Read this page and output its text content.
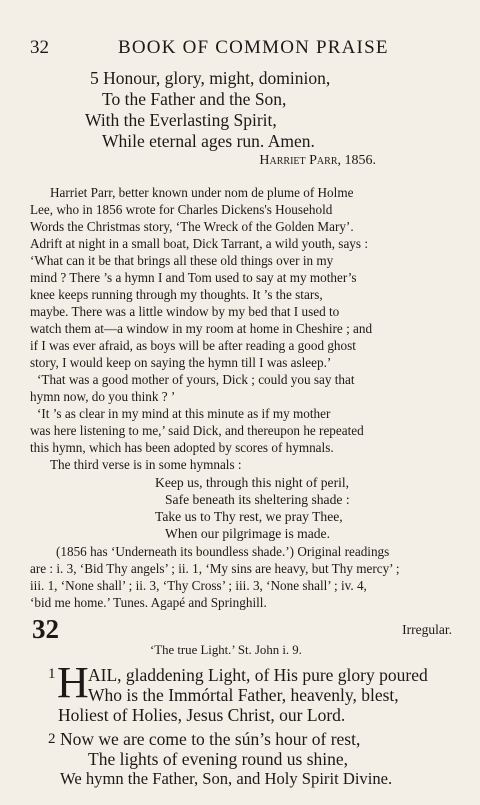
32	BOOK OF COMMON PRAISE
5 Honour, glory, might, dominion,
To the Father and the Son,
With the Everlasting Spirit,
While eternal ages run. Amen.
Harriet Parr, 1856.
Harriet Parr, better known under nom de plume of Holme
Lee, who in 1856 wrote for Charles Dickens's Household
Words the Christmas story, ‘The Wreck of the Golden Mary’.
Adrift at night in a small boat, Dick Tarrant, a wild youth, says :
‘What can it be that brings all these old things over in my
mind ? There ’s a hymn I and Tom used to say at my mother’s
knee keeps running through my thoughts. It ’s the stars,
maybe. There was a little window by my bed that I used to
watch them at—a window in my room at home in Cheshire ; and
if I was ever afraid, as boys will be after reading a good ghost
story, I would keep on saying the hymn till I was asleep.’
‘That was a good mother of yours, Dick ; could you say that
hymn now, do you think ? ’
‘It ’s as clear in my mind at this minute as if my mother
was here listening to me,’ said Dick, and thereupon he repeated
this hymn, which has been adopted by scores of hymnals.
The third verse is in some hymnals :
Keep us, through this night of peril,
Safe beneath its sheltering shade :
Take us to Thy rest, we pray Thee,
When our pilgrimage is made.
(1856 has ‘Underneath its boundless shade.’) Original readings
are : i. 3, ‘Bid Thy angels’ ; ii. 1, ‘My sins are heavy, but Thy mercy’ ;
iii. 1, ‘None shall’ ; ii. 3, ‘Thy Cross’ ; iii. 3, ‘None shall’ ; iv. 4,
‘bid me home.’ Tunes. Agapé and Springhill.
32	Irregular.
‘The true Light.’ St. John i. 9.
1 H AIL, gladdening Light, of His pure glory poured
Who is the Immórtal Father, heavenly, blest,
Holiest of Holies, Jesus Christ, our Lord.
2 Now we are come to the sún’s hour of rest,
The lights of evening round us shine,
We hymn the Father, Son, and Holy Spirit Divine.
